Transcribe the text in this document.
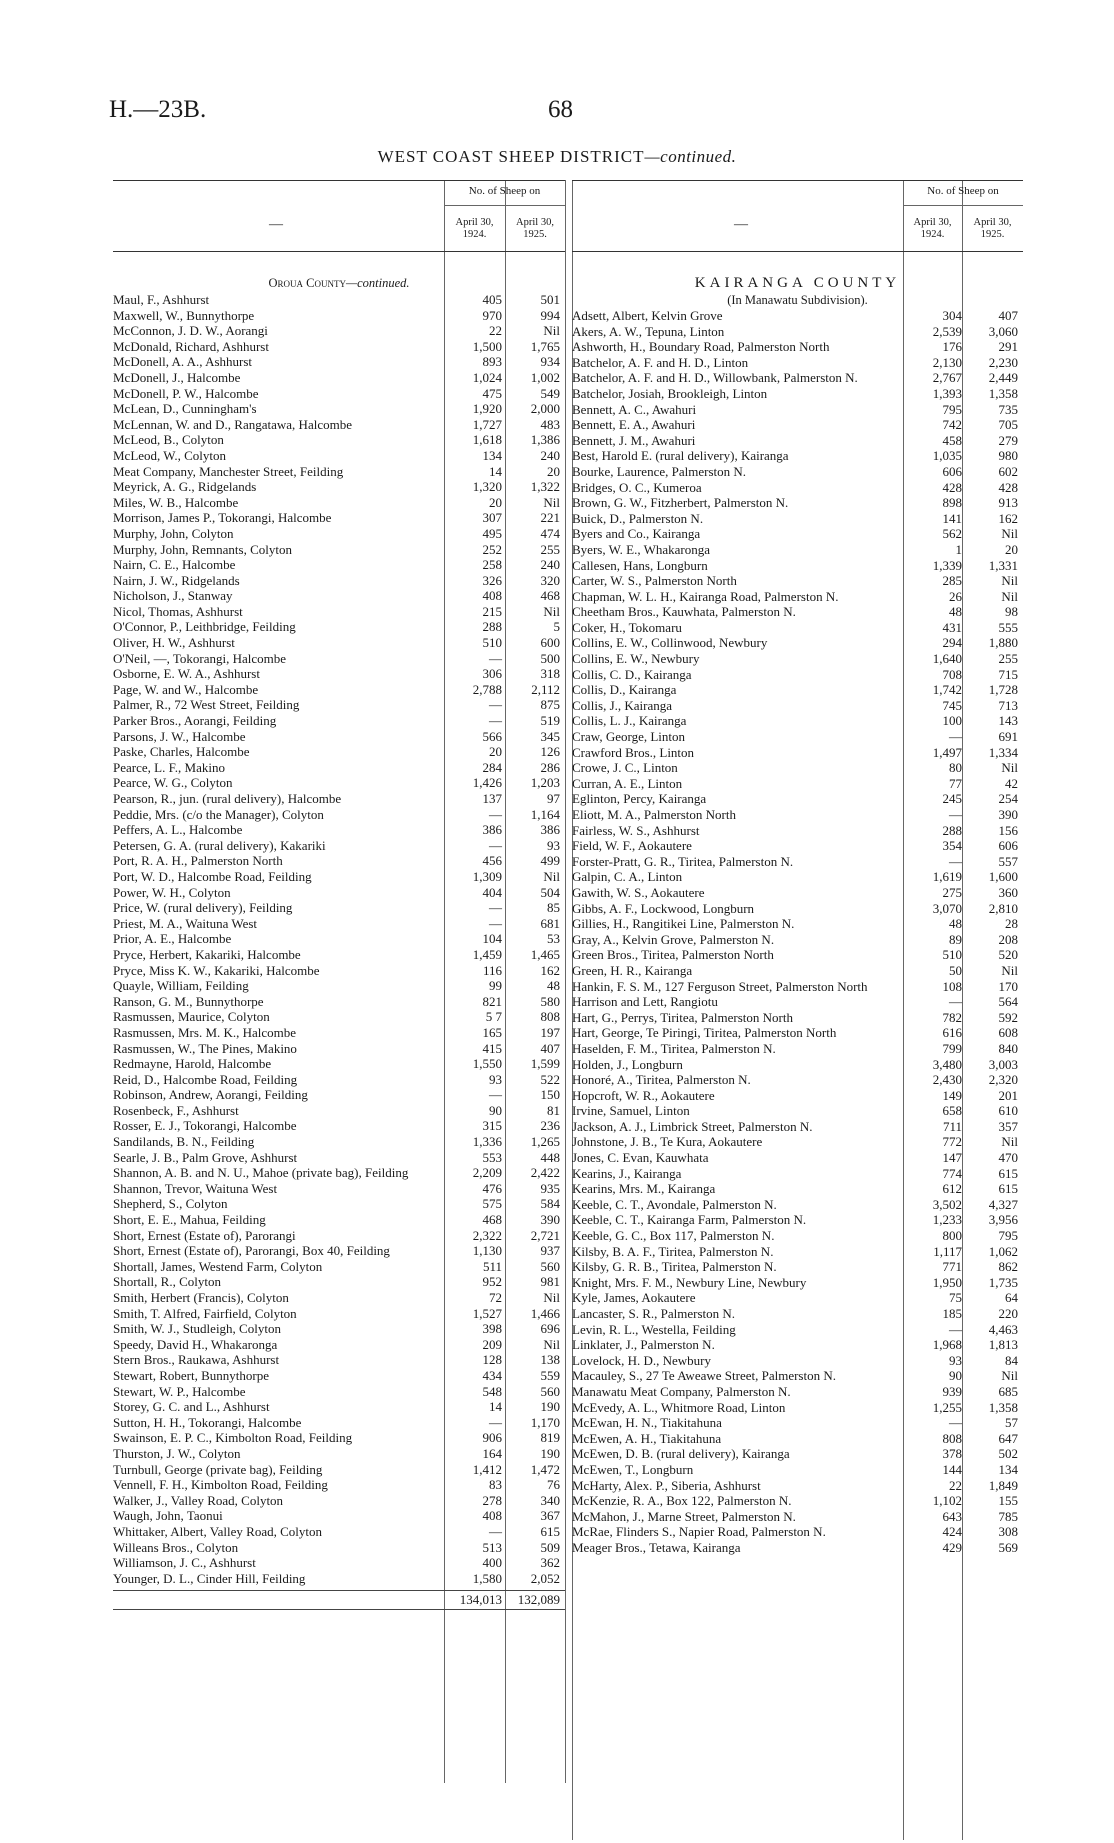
H.—23B.	68
WEST COAST SHEEP DISTRICT—continued.
—
No. of Sheep on
April 30,
1924.
April 30,
1925.
Oroua County—continued.
Maul, F., Ashhurst	405	501
Maxwell, W., Bunnythorpe	970	994
McConnon, J. D. W., Aorangi	22	Nil
McDonald, Richard, Ashhurst	1,500	1,765
McDonell, A. A., Ashhurst	893	934
McDonell, J., Halcombe	1,024	1,002
McDonell, P. W., Halcombe	475	549
McLean, D., Cunningham's	1,920	2,000
McLennan, W. and D., Rangatawa, Halcombe	1,727	483
McLeod, B., Colyton	1,618	1,386
McLeod, W., Colyton	134	240
Meat Company, Manchester Street, Feilding	14	20
Meyrick, A. G., Ridgelands	1,320	1,322
Miles, W. B., Halcombe	20	Nil
Morrison, James P., Tokorangi, Halcombe	307	221
Murphy, John, Colyton	495	474
Murphy, John, Remnants, Colyton	252	255
Nairn, C. E., Halcombe	258	240
Nairn, J. W., Ridgelands	326	320
Nicholson, J., Stanway	408	468
Nicol, Thomas, Ashhurst	215	Nil
O'Connor, P., Leithbridge, Feilding	288	5
Oliver, H. W., Ashhurst	510	600
O'Neil, —, Tokorangi, Halcombe	—	500
Osborne, E. W. A., Ashhurst	306	318
Page, W. and W., Halcombe	2,788	2,112
Palmer, R., 72 West Street, Feilding	—	875
Parker Bros., Aorangi, Feilding	—	519
Parsons, J. W., Halcombe	566	345
Paske, Charles, Halcombe	20	126
Pearce, L. F., Makino	284	286
Pearce, W. G., Colyton	1,426	1,203
Pearson, R., jun. (rural delivery), Halcombe	137	97
Peddie, Mrs. (c/o the Manager), Colyton	—	1,164
Peffers, A. L., Halcombe	386	386
Petersen, G. A. (rural delivery), Kakariki	—	93
Port, R. A. H., Palmerston North	456	499
Port, W. D., Halcombe Road, Feilding	1,309	Nil
Power, W. H., Colyton	404	504
Price, W. (rural delivery), Feilding	—	85
Priest, M. A., Waituna West	—	681
Prior, A. E., Halcombe	104	53
Pryce, Herbert, Kakariki, Halcombe	1,459	1,465
Pryce, Miss K. W., Kakariki, Halcombe	116	162
Quayle, William, Feilding	99	48
Ranson, G. M., Bunnythorpe	821	580
Rasmussen, Maurice, Colyton	5 7	808
Rasmussen, Mrs. M. K., Halcombe	165	197
Rasmussen, W., The Pines, Makino	415	407
Redmayne, Harold, Halcombe	1,550	1,599
Reid, D., Halcombe Road, Feilding	93	522
Robinson, Andrew, Aorangi, Feilding	—	150
Rosenbeck, F., Ashhurst	90	81
Rosser, E. J., Tokorangi, Halcombe	315	236
Sandilands, B. N., Feilding	1,336	1,265
Searle, J. B., Palm Grove, Ashhurst	553	448
Shannon, A. B. and N. U., Mahoe (private bag), Feilding	2,209	2,422
Shannon, Trevor, Waituna West	476	935
Shepherd, S., Colyton	575	584
Short, E. E., Mahua, Feilding	468	390
Short, Ernest (Estate of), Parorangi	2,322	2,721
Short, Ernest (Estate of), Parorangi, Box 40, Feilding	1,130	937
Shortall, James, Westend Farm, Colyton	511	560
Shortall, R., Colyton	952	981
Smith, Herbert (Francis), Colyton	72	Nil
Smith, T. Alfred, Fairfield, Colyton	1,527	1,466
Smith, W. J., Studleigh, Colyton	398	696
Speedy, David H., Whakaronga	209	Nil
Stern Bros., Raukawa, Ashhurst	128	138
Stewart, Robert, Bunnythorpe	434	559
Stewart, W. P., Halcombe	548	560
Storey, G. C. and L., Ashhurst	14	190
Sutton, H. H., Tokorangi, Halcombe	—	1,170
Swainson, E. P. C., Kimbolton Road, Feilding	906	819
Thurston, J. W., Colyton	164	190
Turnbull, George (private bag), Feilding	1,412	1,472
Vennell, F. H., Kimbolton Road, Feilding	83	76
Walker, J., Valley Road, Colyton	278	340
Waugh, John, Taonui	408	367
Whittaker, Albert, Valley Road, Colyton	—	615
Willeans Bros., Colyton	513	509
Williamson, J. C., Ashhurst	400	362
Younger, D. L., Cinder Hill, Feilding	1,580	2,052
134,013	132,089
—
No. of Sheep on
April 30,
1924.
April 30,
1925.
KAIRANGA COUNTY
(In Manawatu Subdivision).
Adsett, Albert, Kelvin Grove	304	407
Akers, A. W., Tepuna, Linton	2,539	3,060
Ashworth, H., Boundary Road, Palmerston North	176	291
Batchelor, A. F. and H. D., Linton	2,130	2,230
Batchelor, A. F. and H. D., Willowbank, Palmerston N.	2,767	2,449
Batchelor, Josiah, Brookleigh, Linton	1,393	1,358
Bennett, A. C., Awahuri	795	735
Bennett, E. A., Awahuri	742	705
Bennett, J. M., Awahuri	458	279
Best, Harold E. (rural delivery), Kairanga	1,035	980
Bourke, Laurence, Palmerston N.	606	602
Bridges, O. C., Kumeroa	428	428
Brown, G. W., Fitzherbert, Palmerston N.	898	913
Buick, D., Palmerston N.	141	162
Byers and Co., Kairanga	562	Nil
Byers, W. E., Whakaronga	1	20
Callesen, Hans, Longburn	1,339	1,331
Carter, W. S., Palmerston North	285	Nil
Chapman, W. L. H., Kairanga Road, Palmerston N.	26	Nil
Cheetham Bros., Kauwhata, Palmerston N.	48	98
Coker, H., Tokomaru	431	555
Collins, E. W., Collinwood, Newbury	294	1,880
Collins, E. W., Newbury	1,640	255
Collis, C. D., Kairanga	708	715
Collis, D., Kairanga	1,742	1,728
Collis, J., Kairanga	745	713
Collis, L. J., Kairanga	100	143
Craw, George, Linton	—	691
Crawford Bros., Linton	1,497	1,334
Crowe, J. C., Linton	80	Nil
Curran, A. E., Linton	77	42
Eglinton, Percy, Kairanga	245	254
Eliott, M. A., Palmerston North	—	390
Fairless, W. S., Ashhurst	288	156
Field, W. F., Aokautere	354	606
Forster-Pratt, G. R., Tiritea, Palmerston N.	—	557
Galpin, C. A., Linton	1,619	1,600
Gawith, W. S., Aokautere	275	360
Gibbs, A. F., Lockwood, Longburn	3,070	2,810
Gillies, H., Rangitikei Line, Palmerston N.	48	28
Gray, A., Kelvin Grove, Palmerston N.	89	208
Green Bros., Tiritea, Palmerston North	510	520
Green, H. R., Kairanga	50	Nil
Hankin, F. S. M., 127 Ferguson Street, Palmerston North	108	170
Harrison and Lett, Rangiotu	—	564
Hart, G., Perrys, Tiritea, Palmerston North	782	592
Hart, George, Te Piringi, Tiritea, Palmerston North	616	608
Haselden, F. M., Tiritea, Palmerston N.	799	840
Holden, J., Longburn	3,480	3,003
Honoré, A., Tiritea, Palmerston N.	2,430	2,320
Hopcroft, W. R., Aokautere	149	201
Irvine, Samuel, Linton	658	610
Jackson, A. J., Limbrick Street, Palmerston N.	711	357
Johnstone, J. B., Te Kura, Aokautere	772	Nil
Jones, C. Evan, Kauwhata	147	470
Kearins, J., Kairanga	774	615
Kearins, Mrs. M., Kairanga	612	615
Keeble, C. T., Avondale, Palmerston N.	3,502	4,327
Keeble, C. T., Kairanga Farm, Palmerston N.	1,233	3,956
Keeble, G. C., Box 117, Palmerston N.	800	795
Kilsby, B. A. F., Tiritea, Palmerston N.	1,117	1,062
Kilsby, G. R. B., Tiritea, Palmerston N.	771	862
Knight, Mrs. F. M., Newbury Line, Newbury	1,950	1,735
Kyle, James, Aokautere	75	64
Lancaster, S. R., Palmerston N.	185	220
Levin, R. L., Westella, Feilding	—	4,463
Linklater, J., Palmerston N.	1,968	1,813
Lovelock, H. D., Newbury	93	84
Macauley, S., 27 Te Aweawe Street, Palmerston N.	90	Nil
Manawatu Meat Company, Palmerston N.	939	685
McEvedy, A. L., Whitmore Road, Linton	1,255	1,358
McEwan, H. N., Tiakitahuna	—	57
McEwen, A. H., Tiakitahuna	808	647
McEwen, D. B. (rural delivery), Kairanga	378	502
McEwen, T., Longburn	144	134
McHarty, Alex. P., Siberia, Ashhurst	22	1,849
McKenzie, R. A., Box 122, Palmerston N.	1,102	155
McMahon, J., Marne Street, Palmerston N.	643	785
McRae, Flinders S., Napier Road, Palmerston N.	424	308
Meager Bros., Tetawa, Kairanga	429	569
